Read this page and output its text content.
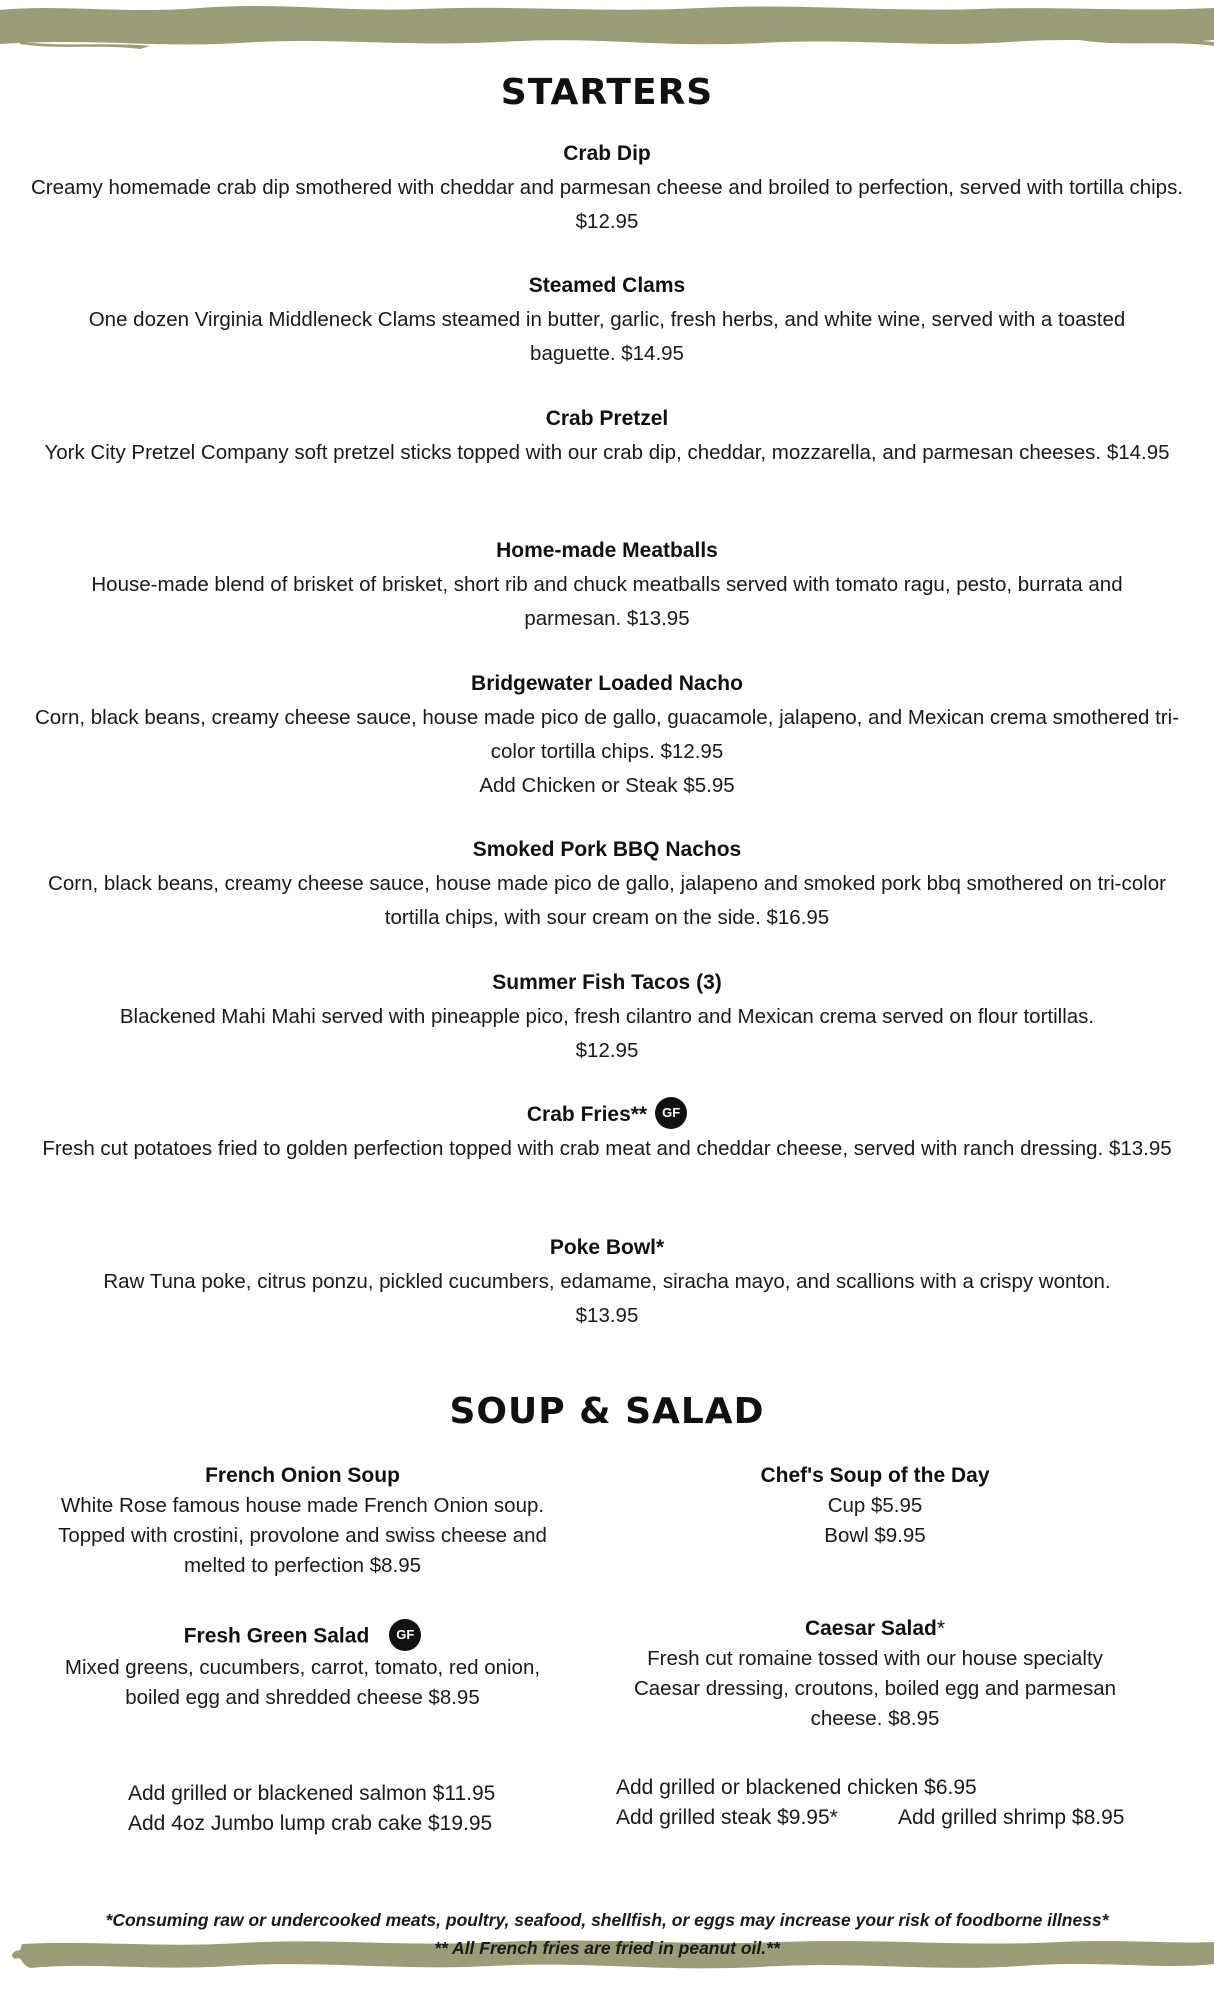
STARTERS
Crab Dip
Creamy homemade crab dip smothered with cheddar and parmesan cheese and broiled to perfection, served with tortilla chips. $12.95
Steamed Clams
One dozen Virginia Middleneck Clams steamed in butter, garlic, fresh herbs, and white wine, served with a toasted baguette. $14.95
Crab Pretzel
York City Pretzel Company soft pretzel sticks topped with our crab dip, cheddar, mozzarella, and parmesan cheeses. $14.95
Home-made Meatballs
House-made blend of brisket of brisket, short rib and chuck meatballs served with tomato ragu, pesto, burrata and parmesan. $13.95
Bridgewater Loaded Nacho
Corn, black beans, creamy cheese sauce, house made pico de gallo, guacamole, jalapeno, and Mexican crema smothered tri-color tortilla chips. $12.95
Add Chicken or Steak $5.95
Smoked Pork BBQ Nachos
Corn, black beans, creamy cheese sauce, house made pico de gallo, jalapeno and smoked pork bbq smothered on tri-color tortilla chips, with sour cream on the side. $16.95
Summer Fish Tacos (3)
Blackened Mahi Mahi served with pineapple pico, fresh cilantro and Mexican crema served on flour tortillas. $12.95
Crab Fries** GF
Fresh cut potatoes fried to golden perfection topped with crab meat and cheddar cheese, served with ranch dressing. $13.95
Poke Bowl*
Raw Tuna poke, citrus ponzu, pickled cucumbers, edamame, siracha mayo, and scallions with a crispy wonton. $13.95
SOUP & SALAD
French Onion Soup
White Rose famous house made French Onion soup. Topped with crostini, provolone and swiss cheese and melted to perfection $8.95
Chef's Soup of the Day
Cup $5.95
Bowl $9.95
Fresh Green Salad GF
Mixed greens, cucumbers, carrot, tomato, red onion, boiled egg and shredded cheese $8.95
Caesar Salad*
Fresh cut romaine tossed with our house specialty Caesar dressing, croutons, boiled egg and parmesan cheese. $8.95
Add grilled or blackened salmon $11.95
Add 4oz Jumbo lump crab cake $19.95
Add grilled or blackened chicken $6.95
Add grilled steak $9.95*	Add grilled shrimp $8.95
*Consuming raw or undercooked meats, poultry, seafood, shellfish, or eggs may increase your risk of foodborne illness*
** All French fries are fried in peanut oil.**
